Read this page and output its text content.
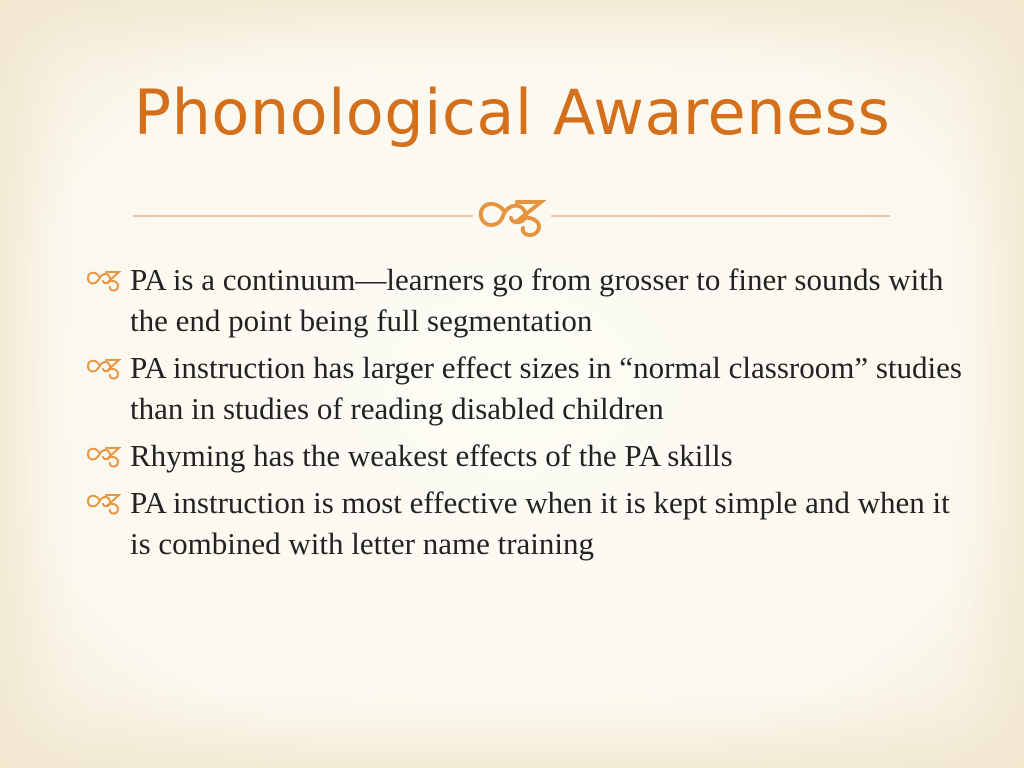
Phonological Awareness
PA is a continuum—learners go from grosser to finer sounds with the end point being full segmentation
PA instruction has larger effect sizes in “normal classroom” studies than in studies of reading disabled children
Rhyming has the weakest effects of the PA skills
PA instruction is most effective when it is kept simple and when it is combined with letter name training
